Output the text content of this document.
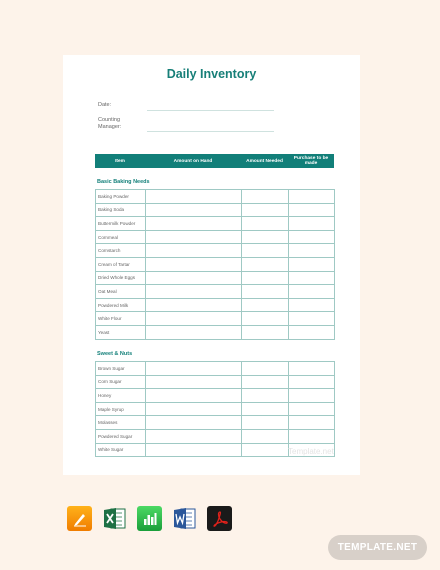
Daily Inventory
Date:
Counting
Manager:
Item	Amount on Hand	Amount Needed	Purchase to be made
Basic Baking Needs
Baking Powder			
Baking Soda			
Buttermilk Powder			
Cornmeal			
Cornstarch			
Cream of Tartar			
Dried Whole Eggs			
Oat Meal			
Powdered Milk			
White Flour			
Yeast			
Sweet & Nuts
Brown Sugar			
Corn Sugar			
Honey			
Maple Syrup			
Molasses			
Powdered Sugar			
White Sugar				Template.net
TEMPLATE.NET
